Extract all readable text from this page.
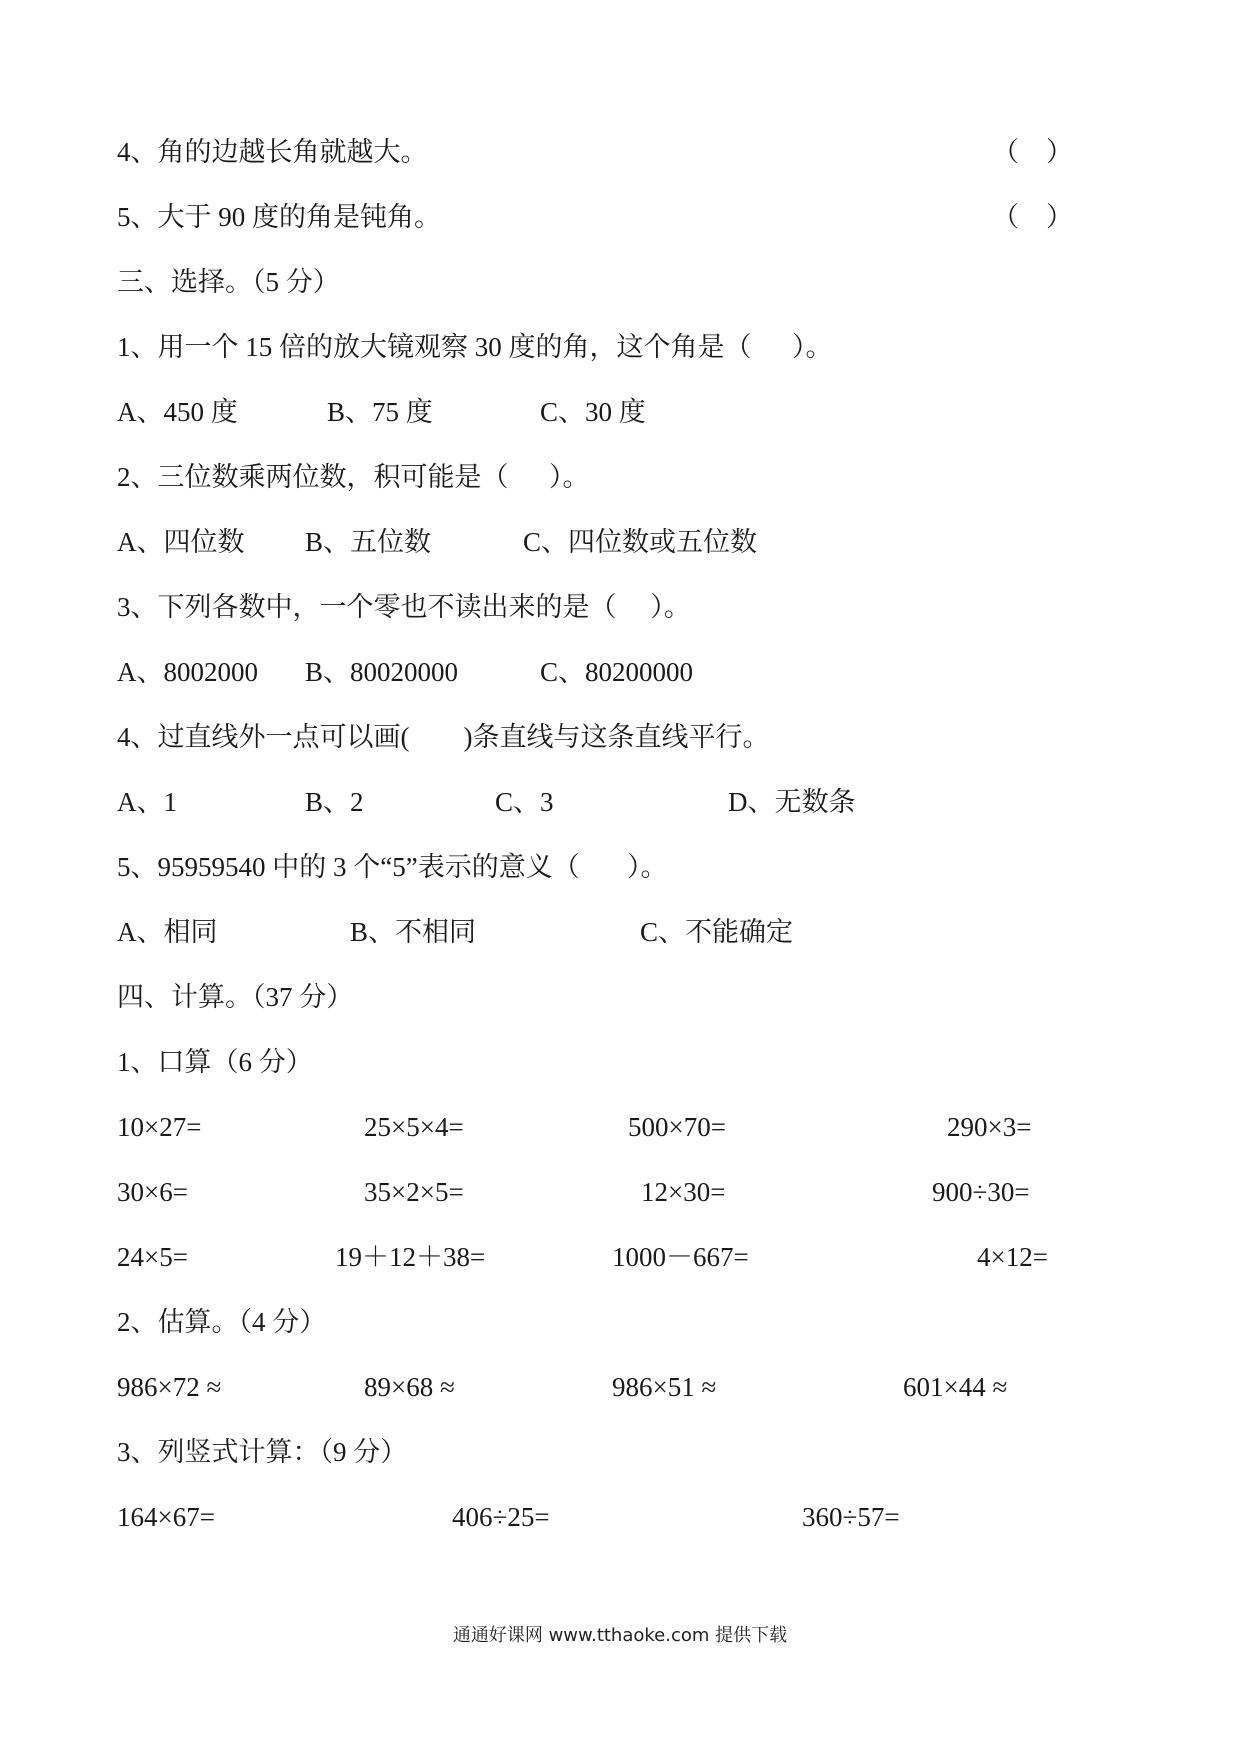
4、角的边越长角就越大。	（    ）
5、大于 90 度的角是钝角。	（    ）
三、选择。（5 分）
1、用一个 15 倍的放大镜观察 30 度的角，这个角是（      ）。
A、450 度	B、75 度	C、30 度
2、三位数乘两位数，积可能是（      ）。
A、四位数 B、五位数	C、四位数或五位数
3、下列各数中，一个零也不读出来的是（     ）。
A、8002000 B、80020000	C、80200000
4、过直线外一点可以画(        )条直线与这条直线平行。
A、1	B、2	C、3	D、无数条
5、95959540 中的 3 个“5”表示的意义（       ）。
A、相同	B、不相同	C、不能确定
四、计算。（37 分）
1、口算（6 分）
10×27=	25×5×4=	500×70=	290×3=
30×6=	35×2×5=	12×30=	900÷30=
24×5=	19＋12＋38=	1000－667=	4×12=
2、估算。（4 分）
986×72 ≈	89×68 ≈	986×51 ≈	601×44 ≈
3、列竖式计算：（9 分）
164×67=	406÷25=	360÷57=
通通好课网 www.tthaoke.com 提供下载
